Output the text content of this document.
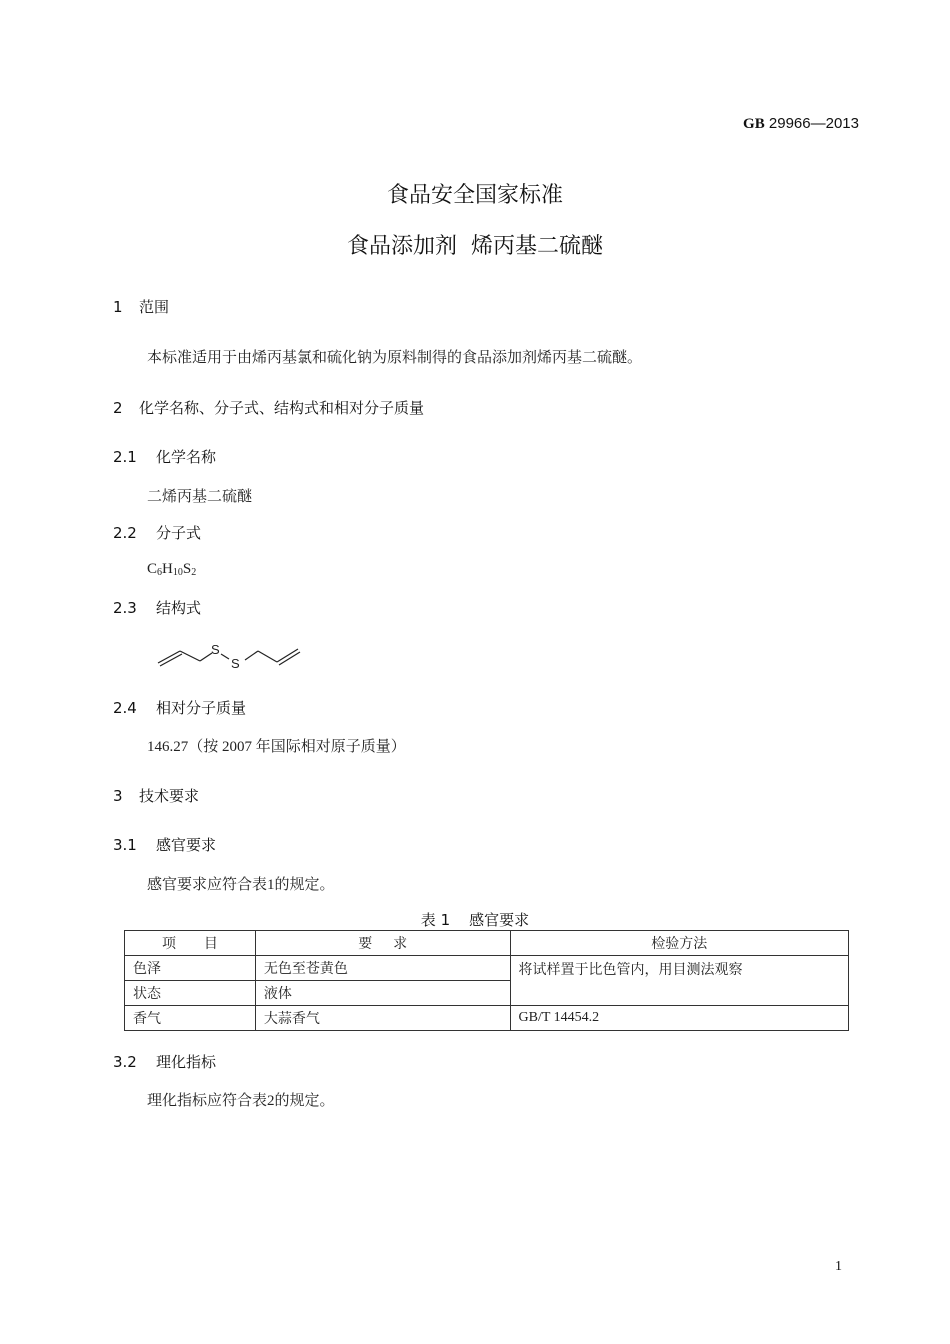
GB 29966—2013
食品安全国家标准
食品添加剂  烯丙基二硫醚
1 范围
本标准适用于由烯丙基氯和硫化钠为原料制得的食品添加剂烯丙基二硫醚。
2 化学名称、分子式、结构式和相对分子质量
2.1 化学名称
二烯丙基二硫醚
2.2 分子式
$C_6H_{10}S_2$
2.3 结构式
S
S
2.4 相对分子质量
146.27（按 2007 年国际相对原子质量）
3 技术要求
3.1 感官要求
感官要求应符合表1的规定。
表 1    感官要求
项        目	要      求	检验方法
色泽	无色至苍黄色	将试样置于比色管内，用目测法观察
状态	液体	
香气	大蒜香气	GB/T 14454.2
3.2 理化指标
理化指标应符合表2的规定。
1
